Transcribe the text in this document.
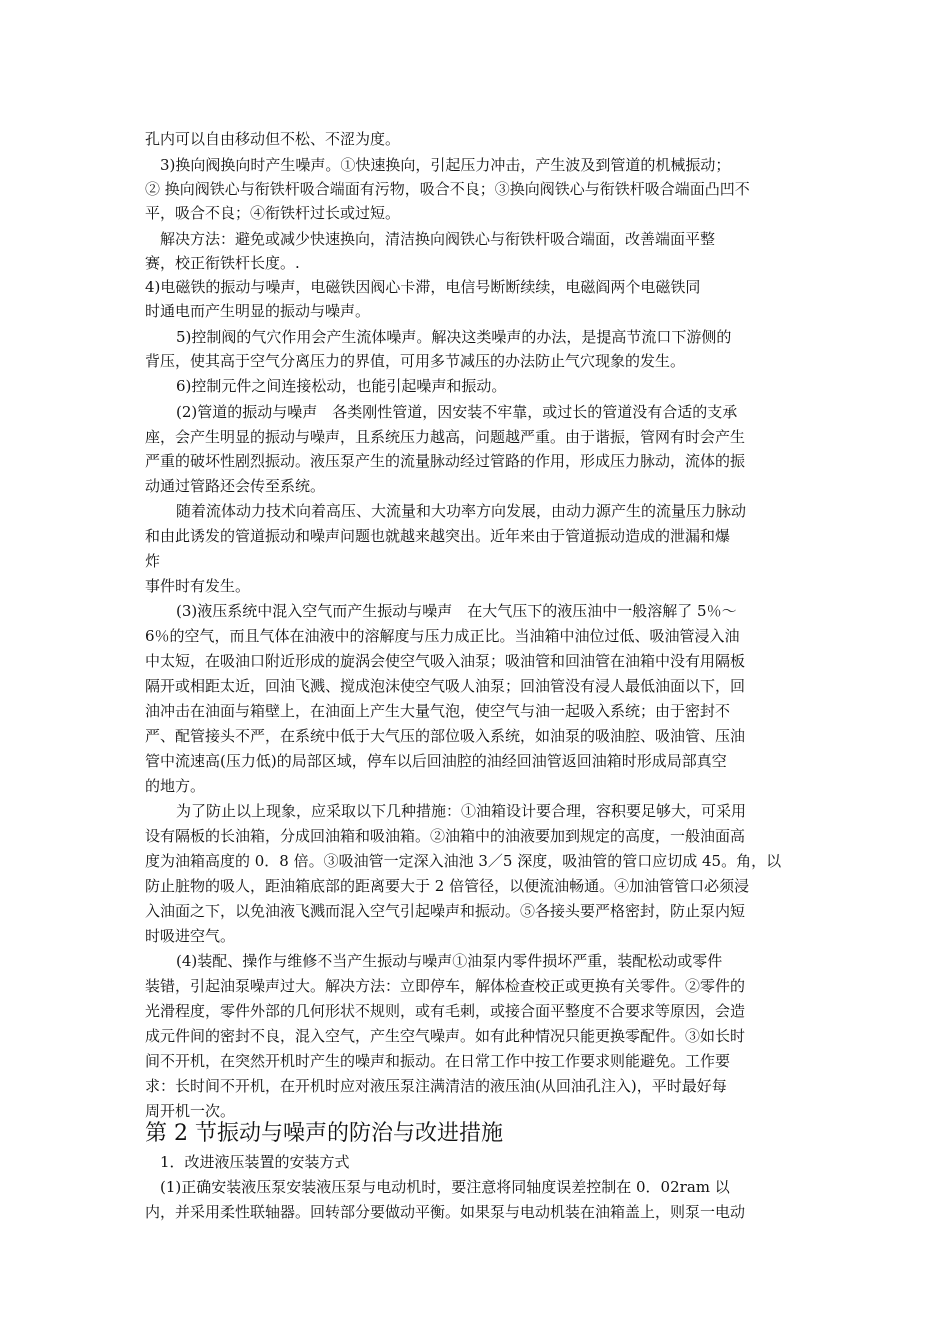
孔内可以自由移动但不松、不涩为度。
3)换向阀换向时产生噪声。①快速换向，引起压力冲击，产生波及到管道的机械振动；
② 换向阀铁心与衔铁杆吸合端面有污物，吸合不良；③换向阀铁心与衔铁杆吸合端面凸凹不
平，吸合不良；④衔铁杆过长或过短。
解决方法：避免或减少快速换向，清洁换向阀铁心与衔铁杆吸合端面，改善端面平整
赛，校正衔铁杆长度。.
4)电磁铁的振动与噪声，电磁铁因阀心卡滞，电信号断断续续，电磁阎两个电磁铁同
时通电而产生明显的振动与噪声。
5)控制阀的气穴作用会产生流体噪声。解决这类噪声的办法，是提高节流口下游侧的
背压，使其高于空气分离压力的界值，可用多节减压的办法防止气穴现象的发生。
6)控制元件之间连接松动，也能引起噪声和振动。
(2)管道的振动与噪声　各类刚性管道，因安装不牢靠，或过长的管道没有合适的支承
座，会产生明显的振动与噪声，且系统压力越高，问题越严重。由于谐振，管网有时会产生
严重的破坏性剧烈振动。液压泵产生的流量脉动经过管路的作用，形成压力脉动，流体的振
动通过管路还会传至系统。
随着流体动力技术向着高压、大流量和大功率方向发展，由动力源产生的流量压力脉动
和由此诱发的管道振动和噪声问题也就越来越突出。近年来由于管道振动造成的泄漏和爆
炸
事件时有发生。
(3)液压系统中混入空气而产生振动与噪声　在大气压下的液压油中一般溶解了 5％～
6％的空气，而且气体在油液中的溶解度与压力成正比。当油箱中油位过低、吸油管浸入油
中太短，在吸油口附近形成的旋涡会使空气吸入油泵；吸油管和回油管在油箱中没有用隔板
隔开或相距太近，回油飞溅、搅成泡沫使空气吸人油泵；回油管没有浸人最低油面以下，回
油冲击在油面与箱壁上，在油面上产生大量气泡，使空气与油一起吸入系统；由于密封不
严、配管接头不严，在系统中低于大气压的部位吸入系统，如油泵的吸油腔、吸油管、压油
管中流速高(压力低)的局部区域，停车以后回油腔的油经回油管返回油箱时形成局部真空
的地方。
为了防止以上现象，应采取以下几种措施：①油箱设计要合理，容积要足够大，可采用
设有隔板的长油箱，分成回油箱和吸油箱。②油箱中的油液要加到规定的高度，一般油面高
度为油箱高度的 0．8 倍。③吸油管一定深入油池 3／5 深度，吸油管的管口应切成 45。角，以
防止脏物的吸人，距油箱底部的距离要大于 2 倍管径，以便流油畅通。④加油管管口必须浸
入油面之下，以免油液飞溅而混入空气引起噪声和振动。⑤各接头要严格密封，防止泵内短
时吸进空气。
(4)装配、操作与维修不当产生振动与噪声①油泵内零件损坏严重，装配松动或零件
装错，引起油泵噪声过大。解决方法：立即停车，解体检查校正或更换有关零件。②零件的
光滑程度，零件外部的几何形状不规则，或有毛刺，或接合面平整度不合要求等原因，会造
成元件间的密封不良，混入空气，产生空气噪声。如有此种情况只能更换零配件。③如长时
间不开机，在突然开机时产生的噪声和振动。在日常工作中按工作要求则能避免。工作要
求：长时间不开机，在开机时应对液压泵注满清洁的液压油(从回油孔注入)，平时最好每
周开机一次。
第 2 节振动与噪声的防治与改进措施
1．改进液压装置的安装方式
(1)正确安装液压泵安装液压泵与电动机时，要注意将同轴度误差控制在 0．02ram 以
内，并采用柔性联轴器。回转部分要做动平衡。如果泵与电动机装在油箱盖上，则泵一电动
